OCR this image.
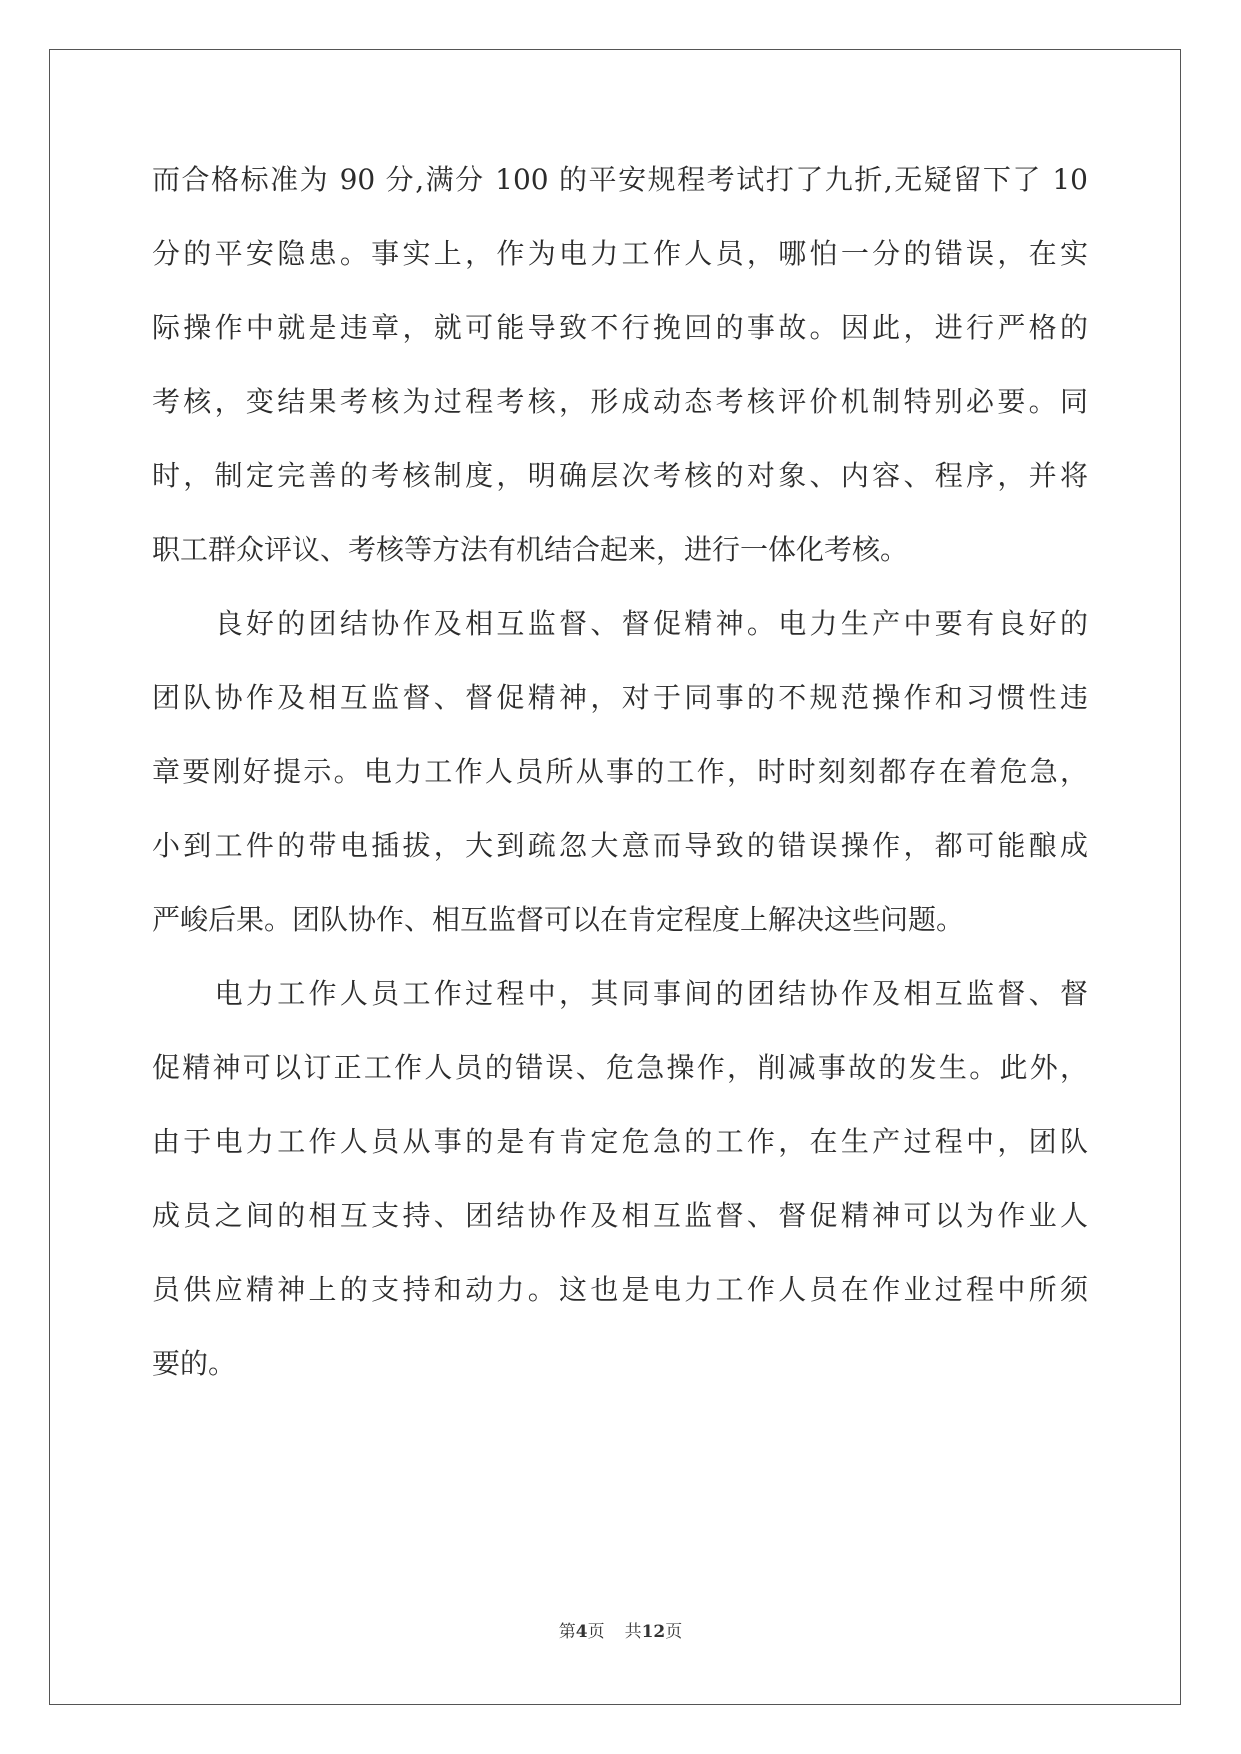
而合格标准为 90 分,满分 100 的平安规程考试打了九折,无疑留下了 10
分的平安隐患。事实上，作为电力工作人员，哪怕一分的错误，在实
际操作中就是违章，就可能导致不行挽回的事故。因此，进行严格的
考核，变结果考核为过程考核，形成动态考核评价机制特别必要。同
时，制定完善的考核制度，明确层次考核的对象、内容、程序，并将
职工群众评议、考核等方法有机结合起来，进行一体化考核。
　　良好的团结协作及相互监督、督促精神。电力生产中要有良好的
团队协作及相互监督、督促精神，对于同事的不规范操作和习惯性违
章要刚好提示。电力工作人员所从事的工作，时时刻刻都存在着危急，
小到工件的带电插拔，大到疏忽大意而导致的错误操作，都可能酿成
严峻后果。团队协作、相互监督可以在肯定程度上解决这些问题。
　　电力工作人员工作过程中，其同事间的团结协作及相互监督、督
促精神可以订正工作人员的错误、危急操作，削减事故的发生。此外，
由于电力工作人员从事的是有肯定危急的工作，在生产过程中，团队
成员之间的相互支持、团结协作及相互监督、督促精神可以为作业人
员供应精神上的支持和动力。这也是电力工作人员在作业过程中所须
要的。
第4页 共12页
